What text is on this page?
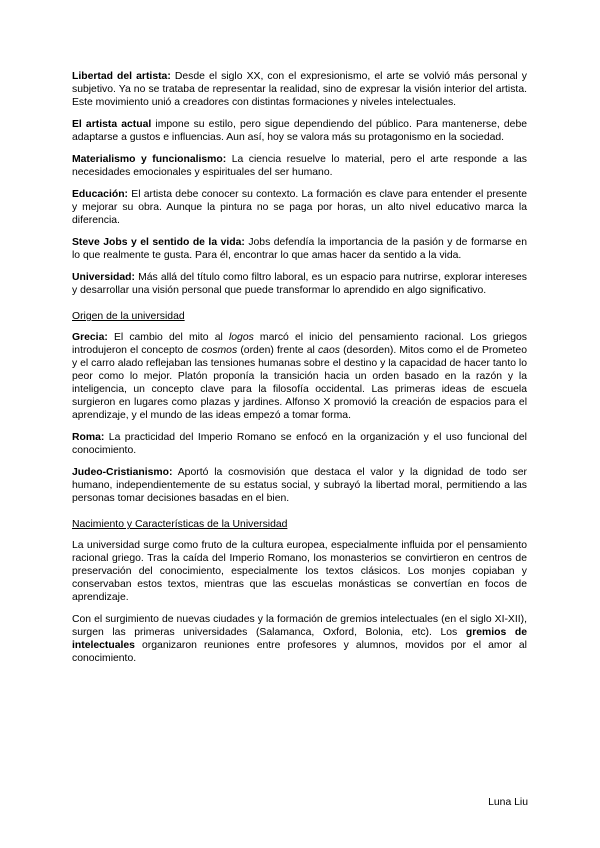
Libertad del artista: Desde el siglo XX, con el expresionismo, el arte se volvió más personal y subjetivo. Ya no se trataba de representar la realidad, sino de expresar la visión interior del artista. Este movimiento unió a creadores con distintas formaciones y niveles intelectuales.

El artista actual impone su estilo, pero sigue dependiendo del público. Para mantenerse, debe adaptarse a gustos e influencias. Aun así, hoy se valora más su protagonismo en la sociedad.

Materialismo y funcionalismo: La ciencia resuelve lo material, pero el arte responde a las necesidades emocionales y espirituales del ser humano.

Educación: El artista debe conocer su contexto. La formación es clave para entender el presente y mejorar su obra. Aunque la pintura no se paga por horas, un alto nivel educativo marca la diferencia.

Steve Jobs y el sentido de la vida: Jobs defendía la importancia de la pasión y de formarse en lo que realmente te gusta. Para él, encontrar lo que amas hacer da sentido a la vida.

Universidad: Más allá del título como filtro laboral, es un espacio para nutrirse, explorar intereses y desarrollar una visión personal que puede transformar lo aprendido en algo significativo.

Origen de la universidad

Grecia: El cambio del mito al logos marcó el inicio del pensamiento racional. Los griegos introdujeron el concepto de cosmos (orden) frente al caos (desorden). Mitos como el de Prometeo y el carro alado reflejaban las tensiones humanas sobre el destino y la capacidad de hacer tanto lo peor como lo mejor. Platón proponía la transición hacia un orden basado en la razón y la inteligencia, un concepto clave para la filosofía occidental. Las primeras ideas de escuela surgieron en lugares como plazas y jardines. Alfonso X promovió la creación de espacios para el aprendizaje, y el mundo de las ideas empezó a tomar forma.

Roma: La practicidad del Imperio Romano se enfocó en la organización y el uso funcional del conocimiento.

Judeo-Cristianismo: Aportó la cosmovisión que destaca el valor y la dignidad de todo ser humano, independientemente de su estatus social, y subrayó la libertad moral, permitiendo a las personas tomar decisiones basadas en el bien.

Nacimiento y Características de la Universidad

La universidad surge como fruto de la cultura europea, especialmente influida por el pensamiento racional griego. Tras la caída del Imperio Romano, los monasterios se convirtieron en centros de preservación del conocimiento, especialmente los textos clásicos. Los monjes copiaban y conservaban estos textos, mientras que las escuelas monásticas se convertían en focos de aprendizaje.

Con el surgimiento de nuevas ciudades y la formación de gremios intelectuales (en el siglo XI-XII), surgen las primeras universidades (Salamanca, Oxford, Bolonia, etc). Los gremios de intelectuales organizaron reuniones entre profesores y alumnos, movidos por el amor al conocimiento.

Luna Liu
